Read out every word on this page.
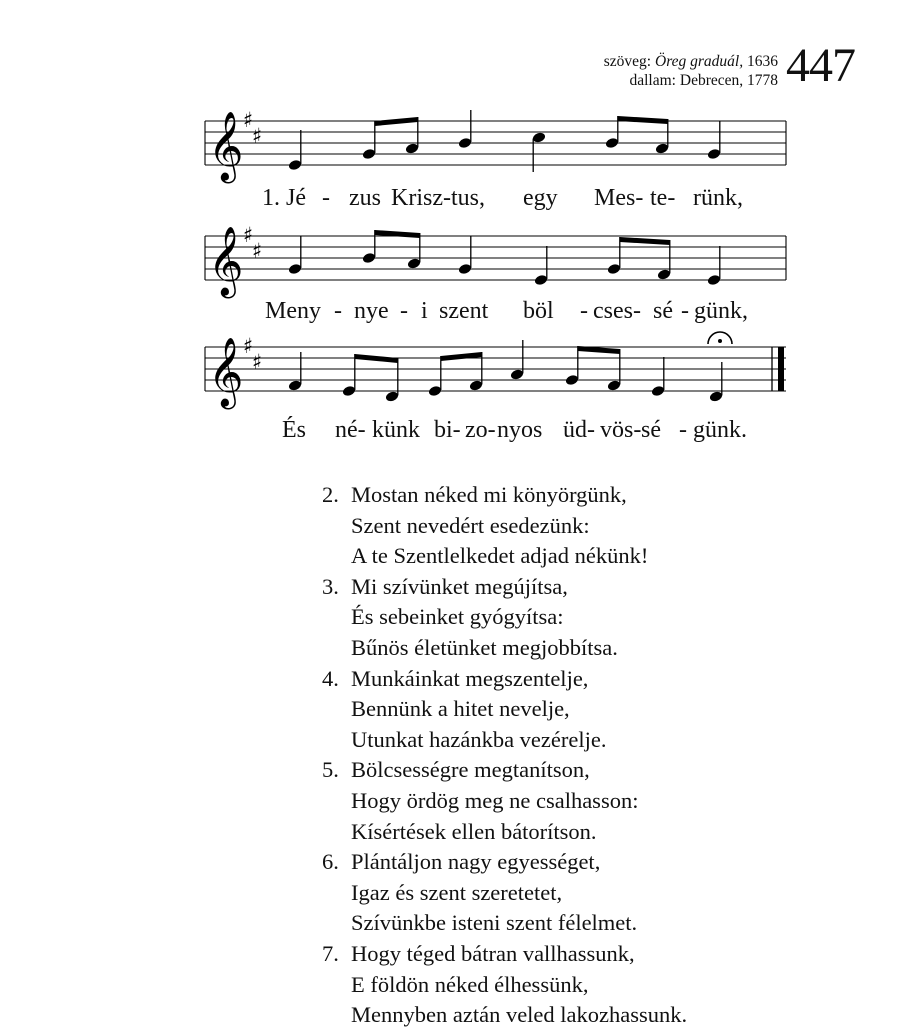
szöveg: Öreg graduál, 1636
dallam: Debrecen, 1778 447
𝄞 ♯
♯
1. Jé - zus Krisz- tus, egy Mes- te- rünk,
𝄞 ♯
♯
Meny - nye - i szent böl - cses- sé - günk,
𝄞 ♯
♯
És né- künk bi- zo- nyos üd- vös- sé - günk.
2. Mostan néked mi könyörgünk,
Szent nevedért esedezünk:
A te Szentlelkedet adjad nékünk!
3. Mi szívünket megújítsa,
És sebeinket gyógyítsa:
Bűnös életünket megjobbítsa.
4. Munkáinkat megszentelje,
Bennünk a hitet nevelje,
Utunkat hazánkba vezérelje.
5. Bölcsességre megtanítson,
Hogy ördög meg ne csalhasson:
Kísértések ellen bátorítson.
6. Plántáljon nagy egyességet,
Igaz és szent szeretetet,
Szívünkbe isteni szent félelmet.
7. Hogy téged bátran vallhassunk,
E földön néked élhessünk,
Mennyben aztán veled lakozhassunk.
